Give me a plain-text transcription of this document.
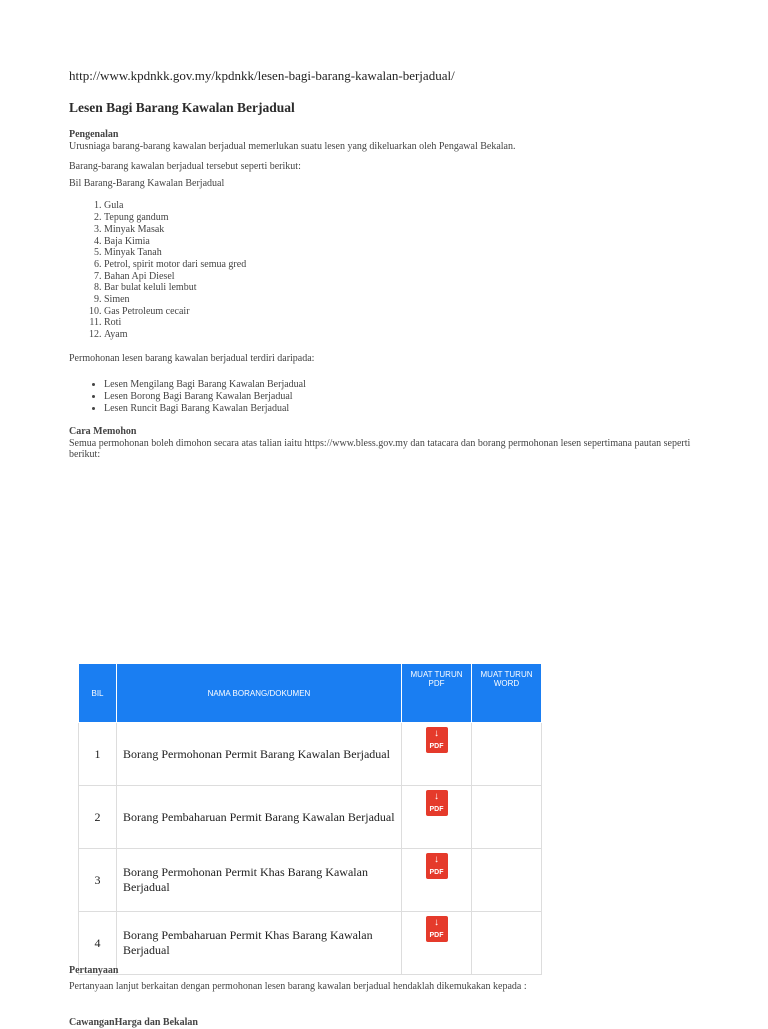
http://www.kpdnkk.gov.my/kpdnkk/lesen-bagi-barang-kawalan-berjadual/

Lesen Bagi Barang Kawalan Berjadual

Pengenalan

Urusniaga barang-barang kawalan berjadual memerlukan suatu lesen yang dikeluarkan oleh Pengawal Bekalan.

Barang-barang kawalan berjadual tersebut seperti berikut:

Bil Barang-Barang Kawalan Berjadual

1. Gula
2. Tepung gandum
3. Minyak Masak
4. Baja Kimia
5. Minyak Tanah
6. Petrol, spirit motor dari semua gred
7. Bahan Api Diesel
8. Bar bulat keluli lembut
9. Simen
10. Gas Petroleum cecair
11. Roti
12. Ayam

Permohonan lesen barang kawalan berjadual terdiri daripada:

• Lesen Mengilang Bagi Barang Kawalan Berjadual
• Lesen Borong Bagi Barang Kawalan Berjadual
• Lesen Runcit Bagi Barang Kawalan Berjadual

Cara Memohon

Semua permohonan boleh dimohon secara atas talian iaitu https://www.bless.gov.my dan tatacara dan borang permohonan lesen sepertimana pautan seperti berikut:

BIL	NAMA BORANG/DOKUMEN	MUAT TURUN PDF	MUAT TURUN WORD
1	Borang Permohonan Permit Barang Kawalan Berjadual	↓
PDF	

2	Borang Pembaharuan Permit Barang Kawalan Berjadual	↓
PDF	

3	Borang Permohonan Permit Khas Barang Kawalan Berjadual	↓
PDF	

4	Borang Pembaharuan Permit Khas Barang Kawalan Berjadual	↓
PDF	

Pertanyaan

Pertanyaan lanjut berkaitan dengan permohonan lesen barang kawalan berjadual hendaklah dikemukakan kepada :

CawanganHarga dan Bekalan
